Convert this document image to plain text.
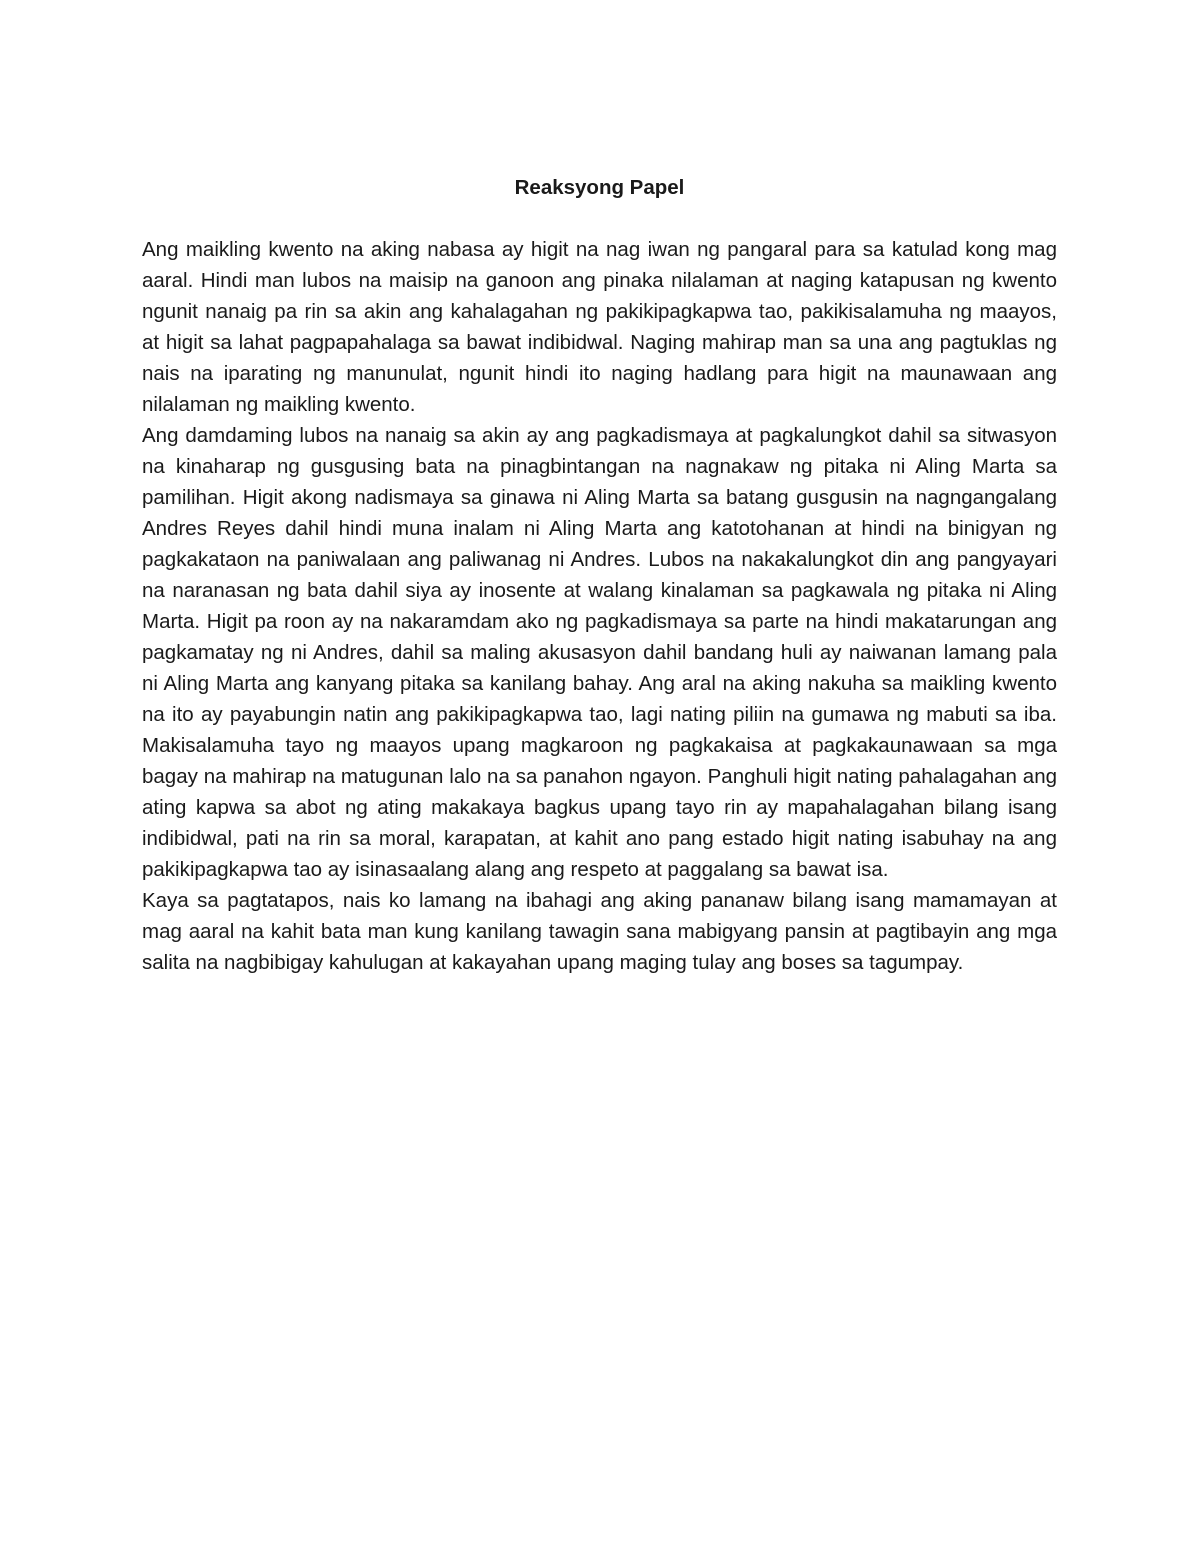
Reaksyong Papel

Ang maikling kwento na aking nabasa ay higit na nag iwan ng pangaral para sa katulad kong mag aaral. Hindi man lubos na maisip na ganoon ang pinaka nilalaman at naging katapusan ng kwento ngunit nanaig pa rin sa akin ang kahalagahan ng pakikipagkapwa tao, pakikisalamuha ng maayos, at higit sa lahat pagpapahalaga sa bawat indibidwal. Naging mahirap man sa una ang pagtuklas ng nais na iparating ng manunulat, ngunit hindi ito naging hadlang para higit na maunawaan ang nilalaman ng maikling kwento.

Ang damdaming lubos na nanaig sa akin ay ang pagkadismaya at pagkalungkot dahil sa sitwasyon na kinaharap ng gusgusing bata na pinagbintangan na nagnakaw ng pitaka ni Aling Marta sa pamilihan. Higit akong nadismaya sa ginawa ni Aling Marta sa batang gusgusin na nagngangalang Andres Reyes dahil hindi muna inalam ni Aling Marta ang katotohanan at hindi na binigyan ng pagkakataon na paniwalaan ang paliwanag ni Andres. Lubos na nakakalungkot din ang pangyayari na naranasan ng bata dahil siya ay inosente at walang kinalaman sa pagkawala ng pitaka ni Aling Marta. Higit pa roon ay na nakaramdam ako ng pagkadismaya sa parte na hindi makatarungan ang pagkamatay ng ni Andres, dahil sa maling akusasyon dahil bandang huli ay naiwanan lamang pala ni Aling Marta ang kanyang pitaka sa kanilang bahay. Ang aral na aking nakuha sa maikling kwento na ito ay payabungin natin ang pakikipagkapwa tao, lagi nating piliin na gumawa ng mabuti sa iba. Makisalamuha tayo ng maayos upang magkaroon ng pagkakaisa at pagkakaunawaan sa mga bagay na mahirap na matugunan lalo na sa panahon ngayon. Panghuli higit nating pahalagahan ang ating kapwa sa abot ng ating makakaya bagkus upang tayo rin ay mapahalagahan bilang isang indibidwal, pati na rin sa moral, karapatan, at kahit ano pang estado higit nating isabuhay na ang pakikipagkapwa tao ay isinasaalang alang ang respeto at paggalang sa bawat isa.

Kaya sa pagtatapos, nais ko lamang na ibahagi ang aking pananaw bilang isang mamamayan at mag aaral na kahit bata man kung kanilang tawagin sana mabigyang pansin at pagtibayin ang mga salita na nagbibigay kahulugan at kakayahan upang maging tulay ang boses sa tagumpay.
